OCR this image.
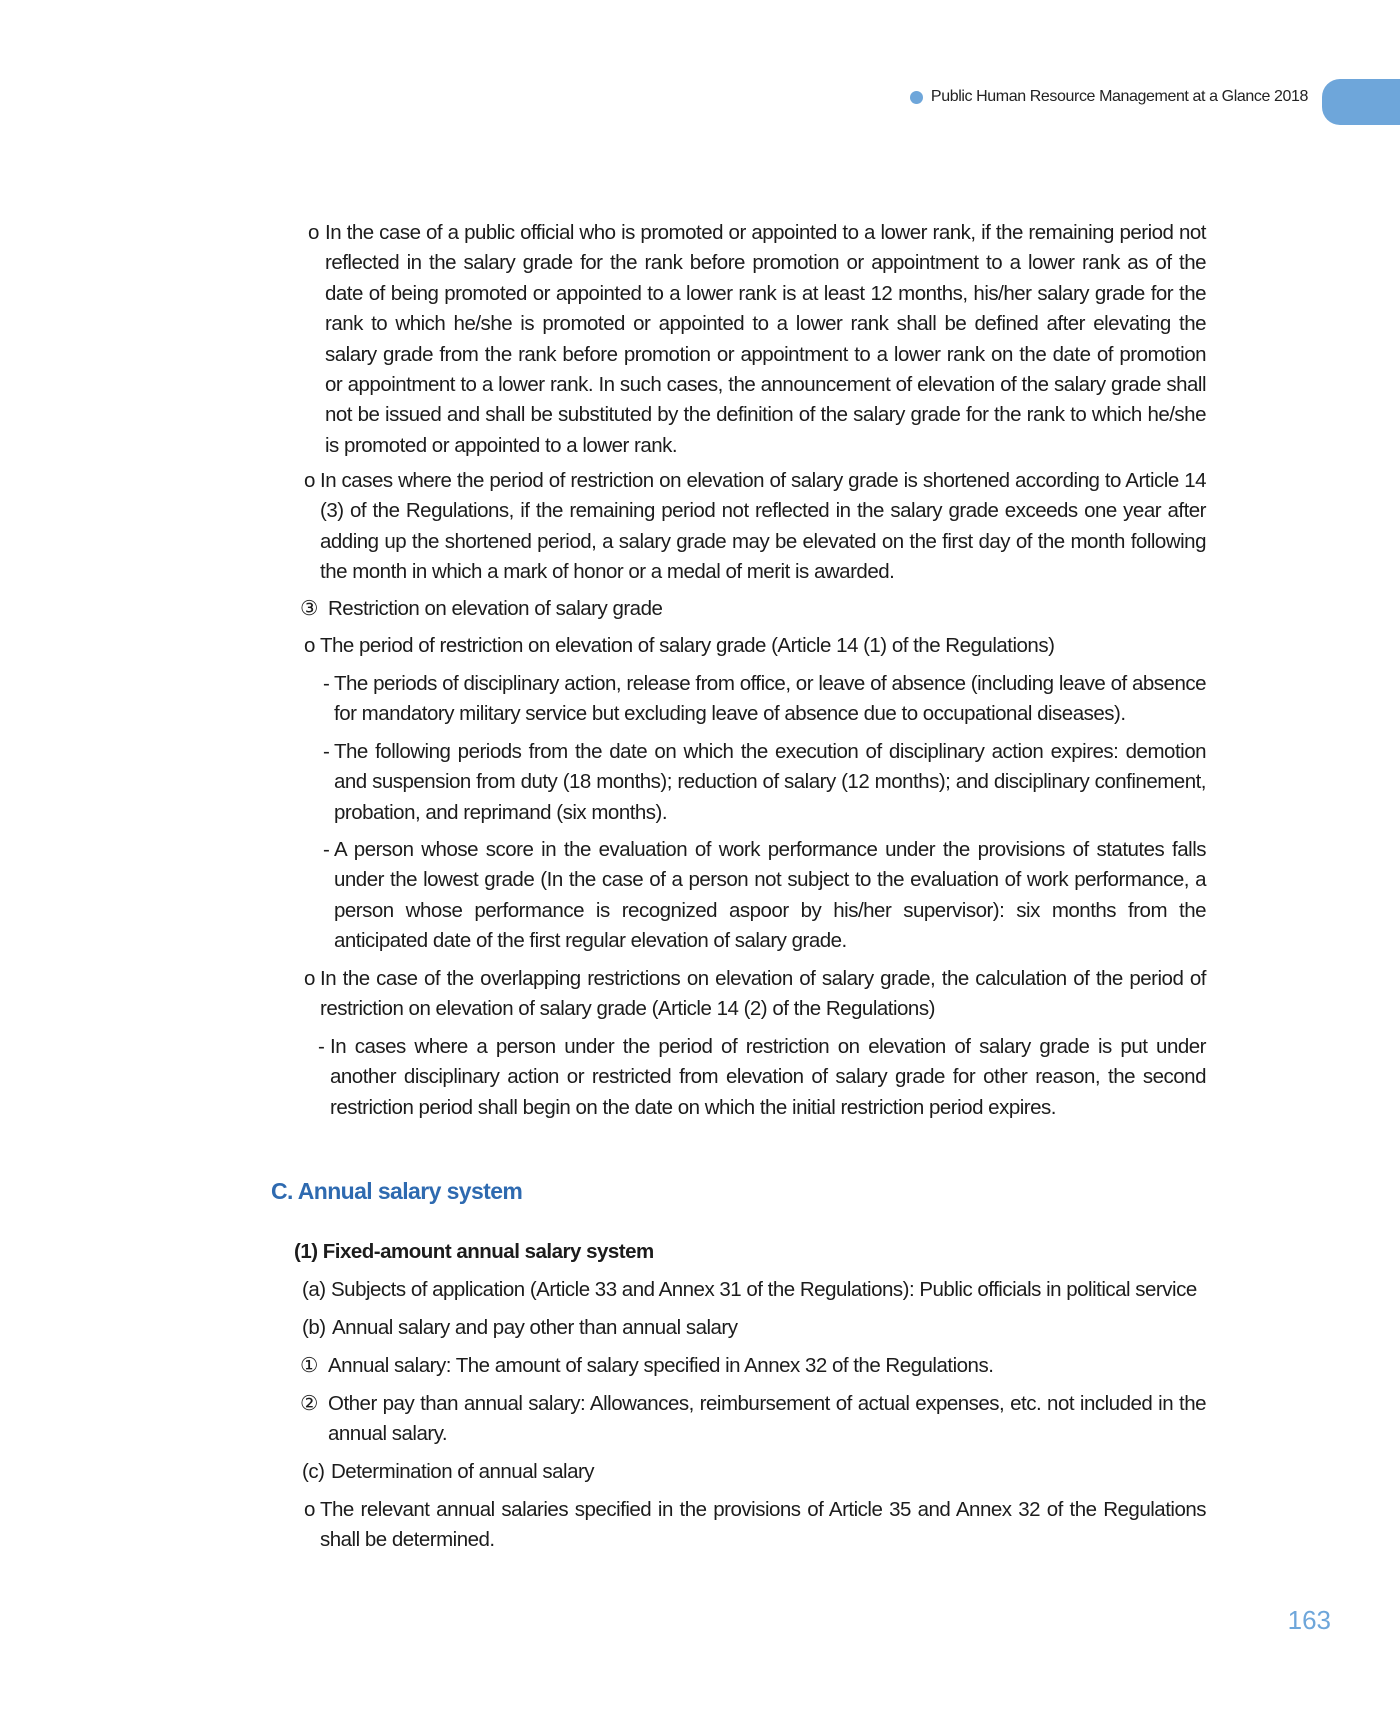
Public Human Resource Management at a Glance 2018
o In the case of a public official who is promoted or appointed to a lower rank, if the remaining period not reflected in the salary grade for the rank before promotion or appointment to a lower rank as of the date of being promoted or appointed to a lower rank is at least 12 months, his/her salary grade for the rank to which he/she is promoted or appointed to a lower rank shall be defined after elevating the salary grade from the rank before promotion or appointment to a lower rank on the date of promotion or appointment to a lower rank. In such cases, the announcement of elevation of the salary grade shall not be issued and shall be substituted by the definition of the salary grade for the rank to which he/she is promoted or appointed to a lower rank.

o In cases where the period of restriction on elevation of salary grade is shortened according to Article 14 (3) of the Regulations, if the remaining period not reflected in the salary grade exceeds one year after adding up the shortened period, a salary grade may be elevated on the first day of the month following the month in which a mark of honor or a medal of merit is awarded.

③ Restriction on elevation of salary grade

o The period of restriction on elevation of salary grade (Article 14 (1) of the Regulations)

- The periods of disciplinary action, release from office, or leave of absence (including leave of absence for mandatory military service but excluding leave of absence due to occupational diseases).

- The following periods from the date on which the execution of disciplinary action expires: demotion and suspension from duty (18 months); reduction of salary (12 months); and disciplinary confinement, probation, and reprimand (six months).

- A person whose score in the evaluation of work performance under the provisions of statutes falls under the lowest grade (In the case of a person not subject to the evaluation of work performance, a person whose performance is recognized aspoor by his/her supervisor): six months from the anticipated date of the first regular elevation of salary grade.

o In the case of the overlapping restrictions on elevation of salary grade, the calculation of the period of restriction on elevation of salary grade (Article 14 (2) of the Regulations)

- In cases where a person under the period of restriction on elevation of salary grade is put under another disciplinary action or restricted from elevation of salary grade for other reason, the second restriction period shall begin on the date on which the initial restriction period expires.

C. Annual salary system

(1) Fixed-amount annual salary system

(a) Subjects of application (Article 33 and Annex 31 of the Regulations): Public officials in political service

(b) Annual salary and pay other than annual salary

① Annual salary: The amount of salary specified in Annex 32 of the Regulations.

② Other pay than annual salary: Allowances, reimbursement of actual expenses, etc. not included in the annual salary.

(c) Determination of annual salary

o The relevant annual salaries specified in the provisions of Article 35 and Annex 32 of the Regulations shall be determined.

163
